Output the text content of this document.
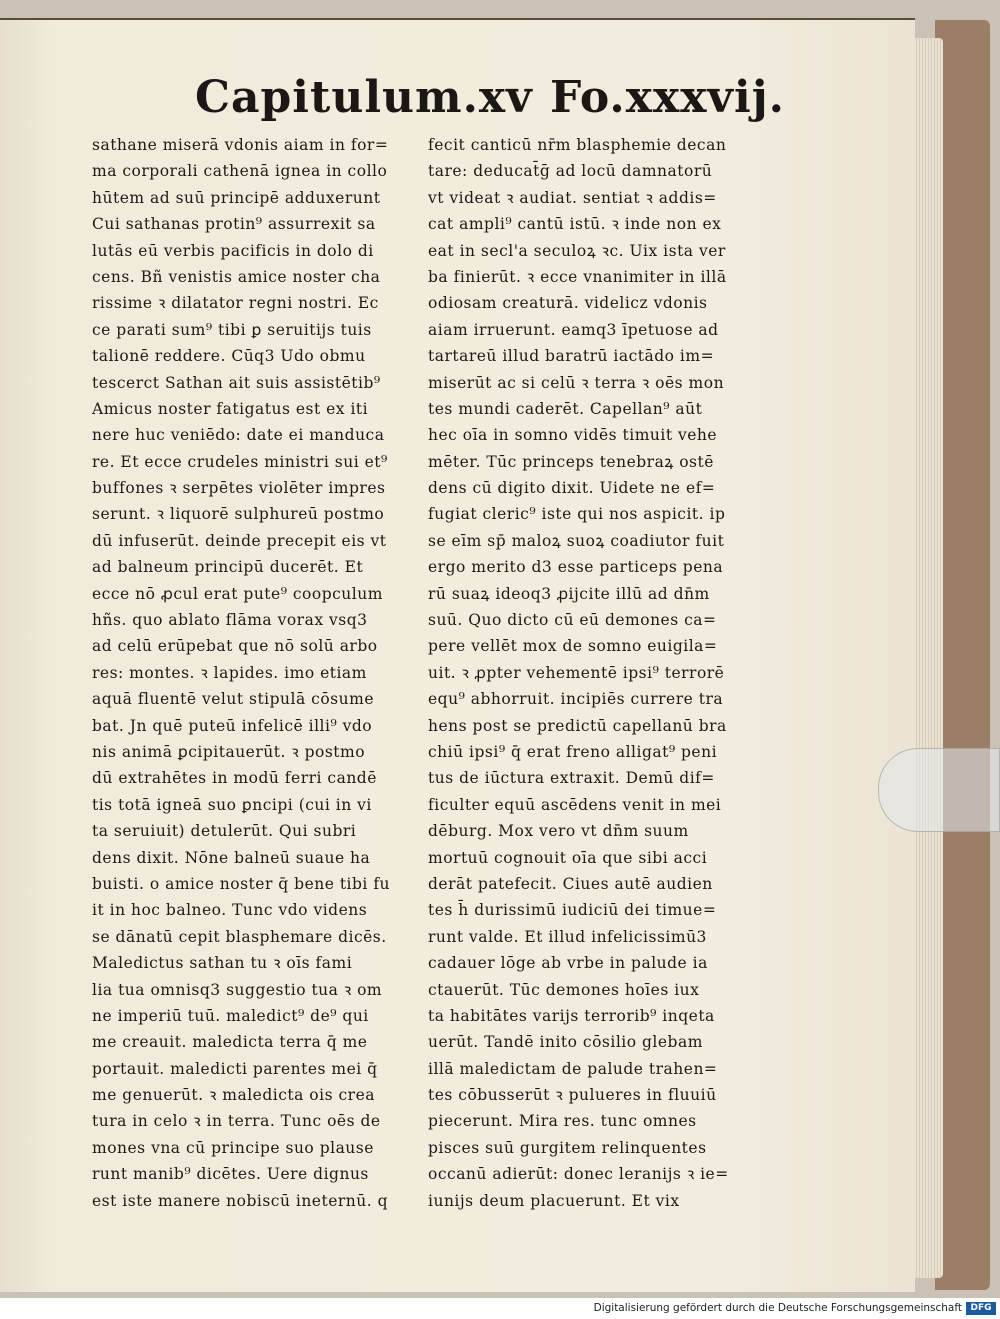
Capitulum.xv Fo.xxxvij.
sathane miserā vdonis aiam in for=
ma corporali cathenā ignea in collo
hūtem ad suū principē adduxerunt
Cui sathanas protin⁹ assurrexit sa
lutās eū verbis pacificis in dolo di
cens. Bñ venistis amice noster cha
rissime ꝛ dilatator regni nostri. Ec
ce parati sum⁹ tibi ꝑ seruitijs tuis
talionē reddere. Cūq3 Udo obmu
tescerct Sathan ait suis assistētib⁹
Amicus noster fatigatus est ex iti
nere huc veniēdo: date ei manduca
re. Et ecce crudeles ministri sui et⁹
buffones ꝛ serpētes violēter impres
serunt. ꝛ liquorē sulphureū postmo
dū infuserūt. deinde precepit eis vt
ad balneum principū ducerēt. Et
ecce nō ꝓcul erat pute⁹ coopculum
hñs. quo ablato flāma vorax vsq3
ad celū erūpebat que nō solū arbo
res: montes. ꝛ lapides. imo etiam
aquā fluentē velut stipulā cōsume
bat. Jn quē puteū infelicē illi⁹ vdo
nis animā ꝑcipitauerūt. ꝛ postmo
dū extrahētes in modū ferri candē
tis totā igneā suo ꝑncipi (cui in vi
ta seruiuit) detulerūt. Qui subri
dens dixit. Nōne balneū suaue ha
buisti. o amice noster q̄ bene tibi fu
it in hoc balneo. Tunc vdo videns
se dānatū cepit blasphemare dicēs.
Maledictus sathan tu ꝛ oīs fami
lia tua omnisq3 suggestio tua ꝛ om
ne imperiū tuū. maledict⁹ de⁹ qui
me creauit. maledicta terra q̄ me
portauit. maledicti parentes mei q̄
me genuerūt. ꝛ maledicta ois crea
tura in celo ꝛ in terra. Tunc oēs de
mones vna cū principe suo plause
runt manib⁹ dicētes. Uere dignus
est iste manere nobiscū ineternū. q
fecit canticū nr̄m blasphemie decan
tare: deducat̄ḡ ad locū damnatorū
vt videat ꝛ audiat. sentiat ꝛ addis=
cat ampli⁹ cantū istū. ꝛ inde non ex
eat in secl'a seculoꝝ ꝛc. Uix ista ver
ba finierūt. ꝛ ecce vnanimiter in illā
odiosam creaturā. videlicz vdonis
aiam irruerunt. eamq3 īpetuose ad
tartareū illud baratrū iactādo im=
miserūt ac si celū ꝛ terra ꝛ oēs mon
tes mundi caderēt. Capellan⁹ aūt
hec oīa in somno vidēs timuit vehe
mēter. Tūc princeps tenebraꝝ ostē
dens cū digito dixit. Uidete ne ef=
fugiat cleric⁹ iste qui nos aspicit. ip
se eīm sp̄ maloꝝ suoꝝ coadiutor fuit
ergo merito d3 esse particeps pena
rū suaꝝ ideoq3 ꝓijcite illū ad dn̄m
suū. Quo dicto cū eū demones ca=
pere vellēt mox de somno euigila=
uit. ꝛ ꝓpter vehementē ipsi⁹ terrorē
equ⁹ abhorruit. incipiēs currere tra
hens post se predictū capellanū bra
chiū ipsi⁹ q̄ erat freno alligat⁹ peni
tus de iūctura extraxit. Demū dif=
ficulter equū ascēdens venit in mei
dēburg. Mox vero vt dn̄m suum
mortuū cognouit oīa que sibi acci
derāt patefecit. Ciues autē audien
tes h̄ durissimū iudiciū dei timue=
runt valde. Et illud infelicissimū3
cadauer lōge ab vrbe in palude ia
ctauerūt. Tūc demones hoīes iux
ta habitātes varijs terrorib⁹ inqeta
uerūt. Tandē inito cōsilio glebam
illā maledictam de palude trahen=
tes cōbusserūt ꝛ pulueres in fluuiū
piecerunt. Mira res. tunc omnes
pisces suū gurgitem relinquentes
occanū adierūt: donec leranijs ꝛ ie=
iunijs deum placuerunt. Et vix
Digitalisierung gefördert durch die Deutsche Forschungsgemeinschaft DFG
